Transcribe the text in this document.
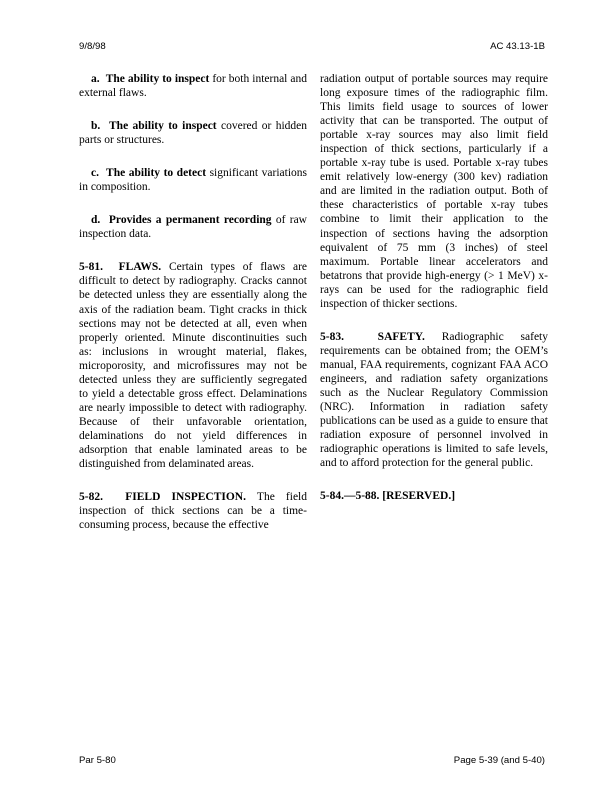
9/8/98	AC 43.13-1B

a. The ability to inspect for both internal and external flaws.

b. The ability to inspect covered or hidden parts or structures.

c. The ability to detect significant variations in composition.

d. Provides a permanent recording of raw inspection data.

5-81. FLAWS. Certain types of flaws are difficult to detect by radiography. Cracks cannot be detected unless they are essentially along the axis of the radiation beam. Tight cracks in thick sections may not be detected at all, even when properly oriented. Minute discontinuities such as: inclusions in wrought material, flakes, microporosity, and microfissures may not be detected unless they are sufficiently segregated to yield a detectable gross effect. Delaminations are nearly impossible to detect with radiography. Because of their unfavorable orientation, delaminations do not yield differences in adsorption that enable laminated areas to be distinguished from delaminated areas.

5-82. FIELD INSPECTION. The field inspection of thick sections can be a time-consuming process, because the effective

radiation output of portable sources may require long exposure times of the radiographic film. This limits field usage to sources of lower activity that can be transported. The output of portable x-ray sources may also limit field inspection of thick sections, particularly if a portable x-ray tube is used. Portable x-ray tubes emit relatively low-energy (300 kev) radiation and are limited in the radiation output. Both of these characteristics of portable x-ray tubes combine to limit their application to the inspection of sections having the adsorption equivalent of 75 mm (3 inches) of steel maximum. Portable linear accelerators and betatrons that provide high-energy (> 1 MeV) x-rays can be used for the radiographic field inspection of thicker sections.

5-83.	SAFETY. Radiographic safety requirements can be obtained from; the OEM’s manual, FAA requirements, cognizant FAA ACO engineers, and radiation safety organizations such as the Nuclear Regulatory Commission (NRC). Information in radiation safety publications can be used as a guide to ensure that radiation exposure of personnel involved in radiographic operations is limited to safe levels, and to afford protection for the general public.

5-84.—5-88. [RESERVED.]

Par 5-80	Page 5-39 (and 5-40)
